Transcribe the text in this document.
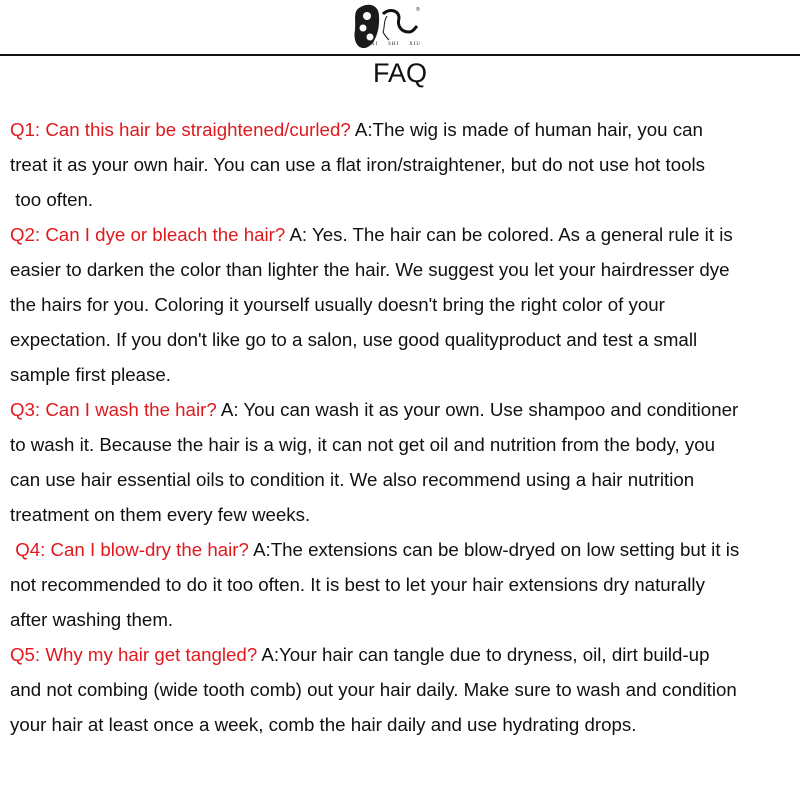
®
XI SHI XIU
FAQ
Q1: Can this hair be straightened/curled? A:The wig is made of human hair, you can
treat it as your own hair. You can use a flat iron/straightener, but do not use hot tools
too often.
Q2: Can I dye or bleach the hair? A: Yes. The hair can be colored. As a general rule it is
easier to darken the color than lighter the hair. We suggest you let your hairdresser dye
the hairs for you. Coloring it yourself usually doesn't bring the right color of your
expectation. If you don't like go to a salon, use good qualityproduct and test a small
sample first please.
Q3: Can I wash the hair? A: You can wash it as your own. Use shampoo and conditioner
to wash it. Because the hair is a wig, it can not get oil and nutrition from the body, you
can use hair essential oils to condition it. We also recommend using a hair nutrition
treatment on them every few weeks.
Q4: Can I blow-dry the hair? A:The extensions can be blow-dryed on low setting but it is
not recommended to do it too often. It is best to let your hair extensions dry naturally
after washing them.
Q5: Why my hair get tangled? A:Your hair can tangle due to dryness, oil, dirt build-up
and not combing (wide tooth comb) out your hair daily. Make sure to wash and condition
your hair at least once a week, comb the hair daily and use hydrating drops.
